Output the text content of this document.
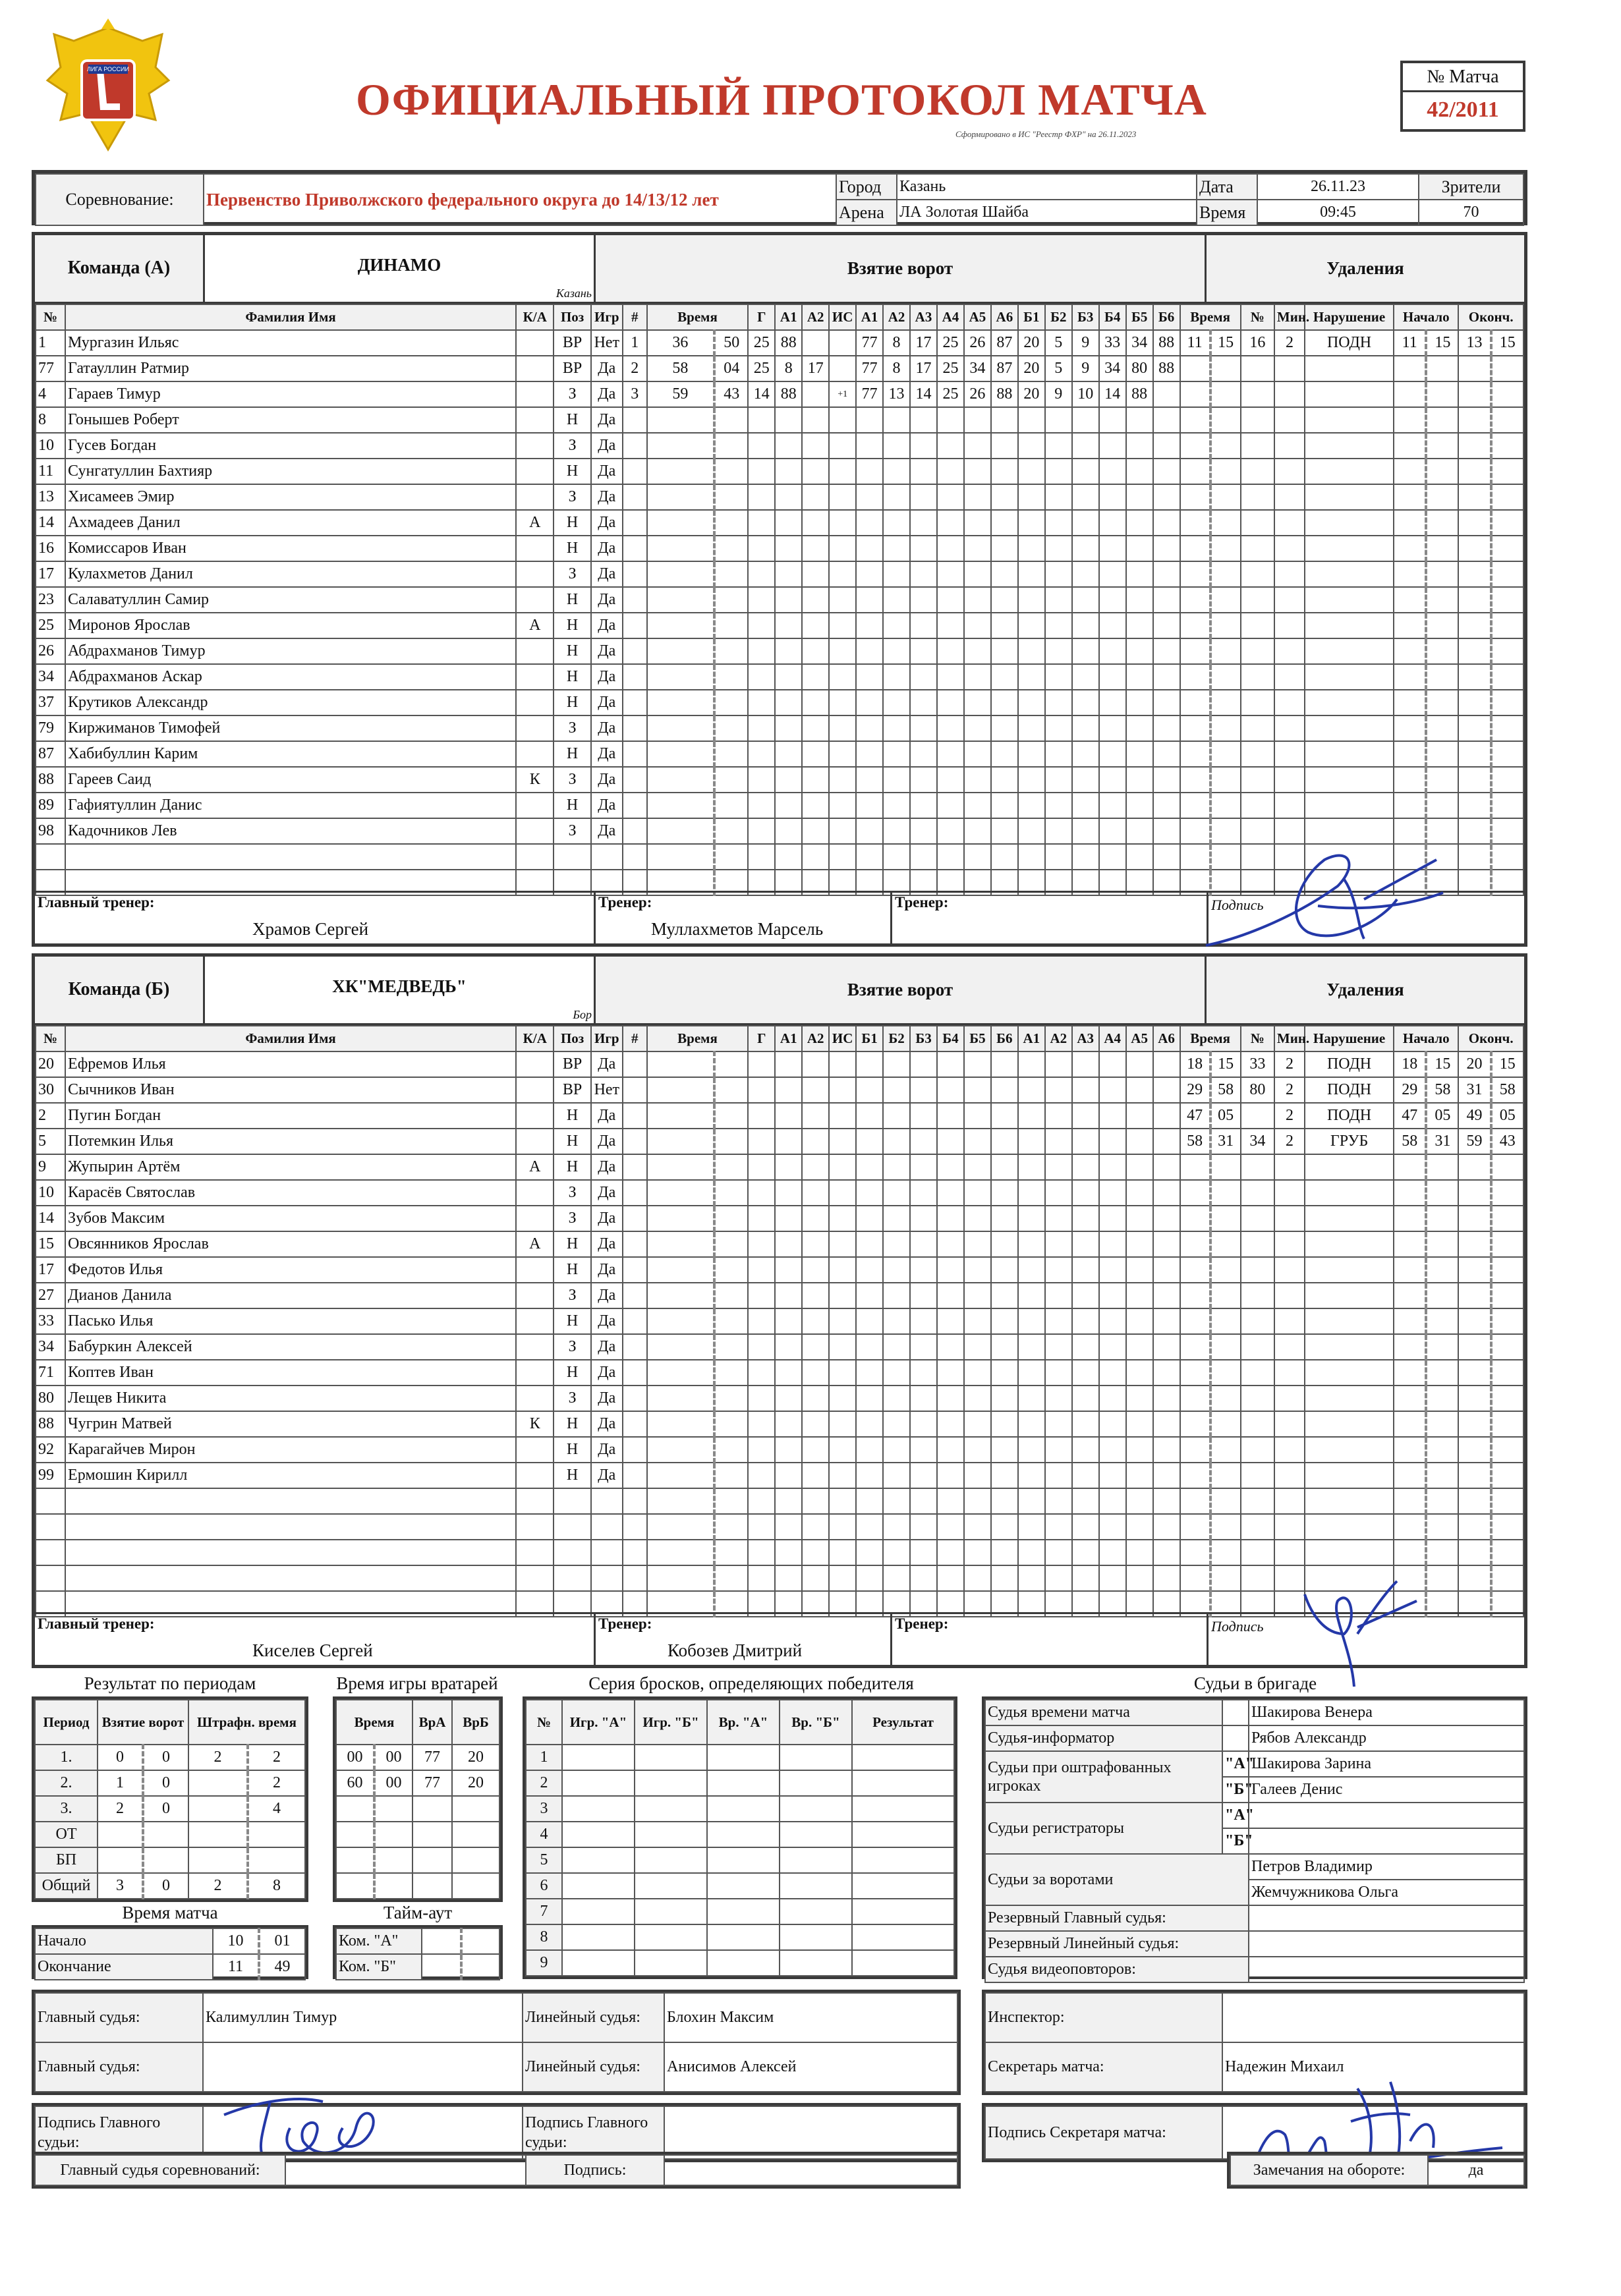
ЛИГА РОССИИ
ОФИЦИАЛЬНЫЙ ПРОТОКОЛ МАТЧА
Сформировано в ИС "Реестр ФХР" на 26.11.2023
№ Матча
42/2011
Соревнование:	Первенство Приволжского федерального округа до 14/13/12 лет	Город	Казань	Дата	26.11.23	Зрители
		Арена	ЛА Золотая Шайба	Время	09:45	70
Команда (А)	ДИНАМО
Казань
Взятие ворот	Удаления
№	Фамилия Имя	К/А	Поз	Игр	#	Время		Г	А1	А2	ИС	А1	А2	А3	А4	А5	А6	Б1	Б2	Б3	Б4	Б5	Б6	Время		№	Мин.	Нарушение	Начало		Оконч.	
1	Мургазин Ильяс		ВР	Нет	1	36	50	25	88			77	8	17	25	26	87	20	5	9	33	34	88	11	15	16	2	ПОДН	11	15	13	15
77	Гатауллин Ратмир		ВР	Да	2	58	04	25	8	17		77	8	17	25	34	87	20	5	9	34	80	88									
4	Гараев Тимур		З	Да	3	59	43	14	88		+1	77	13	14	25	26	88	20	9	10	14	88										
8	Гонышев Роберт		Н	Да																												
10	Гусев Богдан		З	Да																												
11	Сунгатуллин Бахтияр		Н	Да																												
13	Хисамеев Эмир		З	Да																												
14	Ахмадеев Данил	А	Н	Да																												
16	Комиссаров Иван		Н	Да																												
17	Кулахметов Данил		З	Да																												
23	Салаватуллин Самир		Н	Да																												
25	Миронов Ярослав	А	Н	Да																												
26	Абдрахманов Тимур		Н	Да																												
34	Абдрахманов Аскар		Н	Да																												
37	Крутиков Александр		Н	Да																												
79	Киржиманов Тимофей		З	Да																												
87	Хабибуллин Карим		Н	Да																												
88	Гареев Саид	К	З	Да																												
89	Гафиятуллин Данис		Н	Да																												
98	Кадочников Лев		З	Да																												

Главный тренер:
Храмов Сергей
Тренер:
Муллахметов Марсель
Тренер:	Подпись
Команда (Б)	ХК"МЕДВЕДЬ"
Бор
Взятие ворот	Удаления
№	Фамилия Имя	К/А	Поз	Игр	#	Время		Г	А1	А2	ИС	Б1	Б2	Б3	Б4	Б5	Б6	А1	А2	А3	А4	А5	А6	Время		№	Мин.	Нарушение	Начало		Оконч.	
20	Ефремов Илья		ВР	Да																				18	15	33	2	ПОДН	18	15	20	15
30	Сычников Иван		ВР	Нет																				29	58	80	2	ПОДН	29	58	31	58
2	Пугин Богдан		Н	Да																				47	05		2	ПОДН	47	05	49	05
5	Потемкин Илья		Н	Да																				58	31	34	2	ГРУБ	58	31	59	43
9	Жупырин Артём	А	Н	Да																												
10	Карасёв Святослав		З	Да																												
14	Зубов Максим		З	Да																												
15	Овсянников Ярослав	А	Н	Да																												
17	Федотов Илья		Н	Да																												
27	Дианов Данила		З	Да																												
33	Пасько Илья		Н	Да																												
34	Бабуркин Алексей		З	Да																												
71	Коптев Иван		Н	Да																												
80	Лещев Никита		З	Да																												
88	Чугрин Матвей	К	Н	Да																												
92	Карагайчев Мирон		Н	Да																												
99	Ермошин Кирилл		Н	Да																												

Главный тренер:
Киселев Сергей
Тренер:
Кобозев Дмитрий
Тренер:	Подпись
Результат по периодам
Период	Взятие ворот		Штрафн. время	
1.	0	0	2	2
2.	1	0		2
3.	2	0		4
ОТ				
БП				
Общий	3	0	2	8
Время матча
Начало	10	01
Окончание	11	49
Время игры вратарей
Время		ВрА	ВрБ
00	00	77	20
60	00	77	20

Тайм-аут
Ком. "А"		
Ком. "Б"		
Серия бросков, определяющих победителя
№	Игр. "А"	Игр. "Б"	Вр. "А"	Вр. "Б"	Результат
1					
2					
3					
4					
5					
6					
7					
8					
9					
Судьи в бригаде
Судья времени матча		Шакирова Венера
Судья-информатор		Рябов Александр
Судьи при оштрафованных игроках	"А"	Шакирова Зарина
	"Б"	Галеев Денис
Судьи регистраторы	"А"	
	"Б"	
Судьи за воротами		Петров Владимир
		Жемчужникова Ольга
Резервный Главный судья:		
Резервный Линейный судья:		
Судья видеоповторов:		
Главный судья:	Калимуллин Тимур	Линейный судья:	Блохин Максим
Главный судья:		Линейный судья:	Анисимов Алексей
Инспектор:	
Секретарь матча:	Надежин Михаил
Подпись Главного судьи:		Подпись Главного судьи:	
Подпись Секретаря матча:	
Главный судья соревнований:		Подпись:		Замечания на обороте:	да
